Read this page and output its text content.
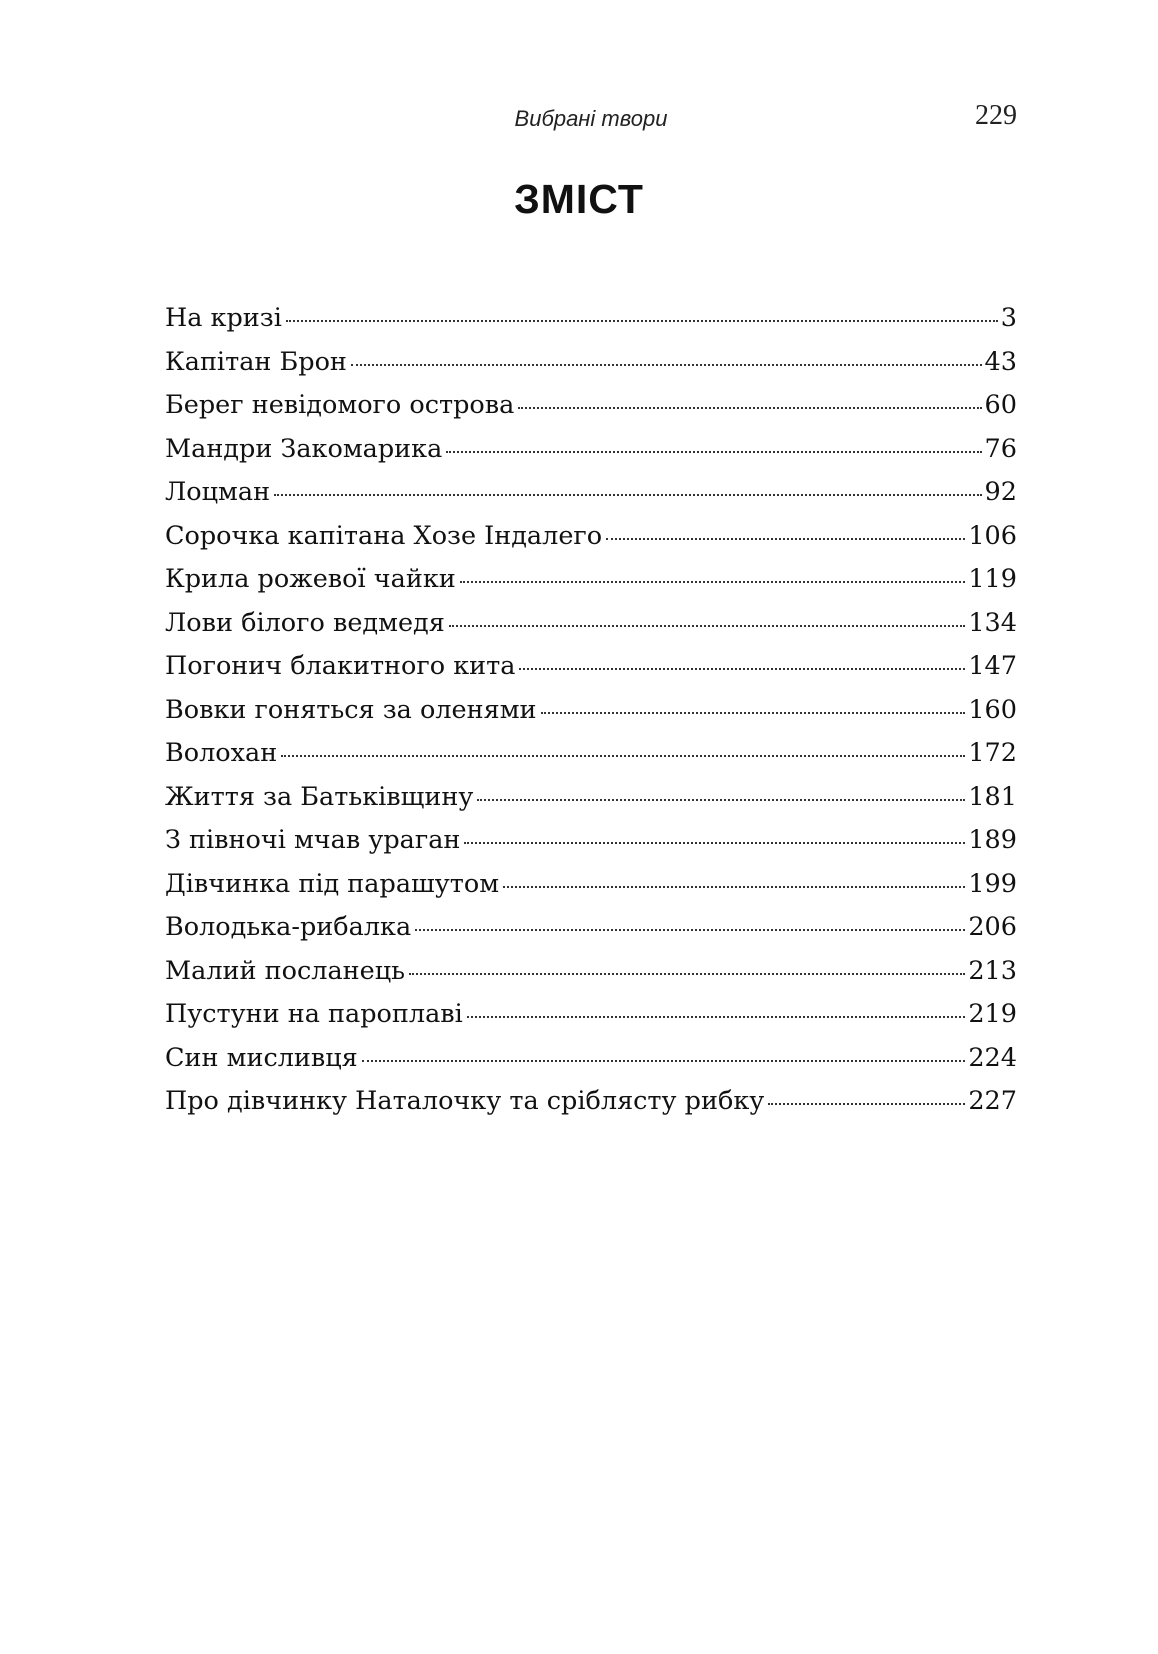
Вибрані твори	229
ЗМІСТ
На кризі	3
Капітан Брон	43
Берег невідомого острова	60
Мандри Закомарика	76
Лоцман	92
Сорочка капітана Хозе Індалего	106
Крила рожевої чайки	119
Лови білого ведмедя	134
Погонич блакитного кита	147
Вовки гоняться за оленями	160
Волохан	172
Життя за Батьківщину	181
З півночі мчав ураган	189
Дівчинка під парашутом	199
Володька-рибалка	206
Малий посланець	213
Пустуни на пароплаві	219
Син мисливця	224
Про дівчинку Наталочку та сріблясту рибку	227
